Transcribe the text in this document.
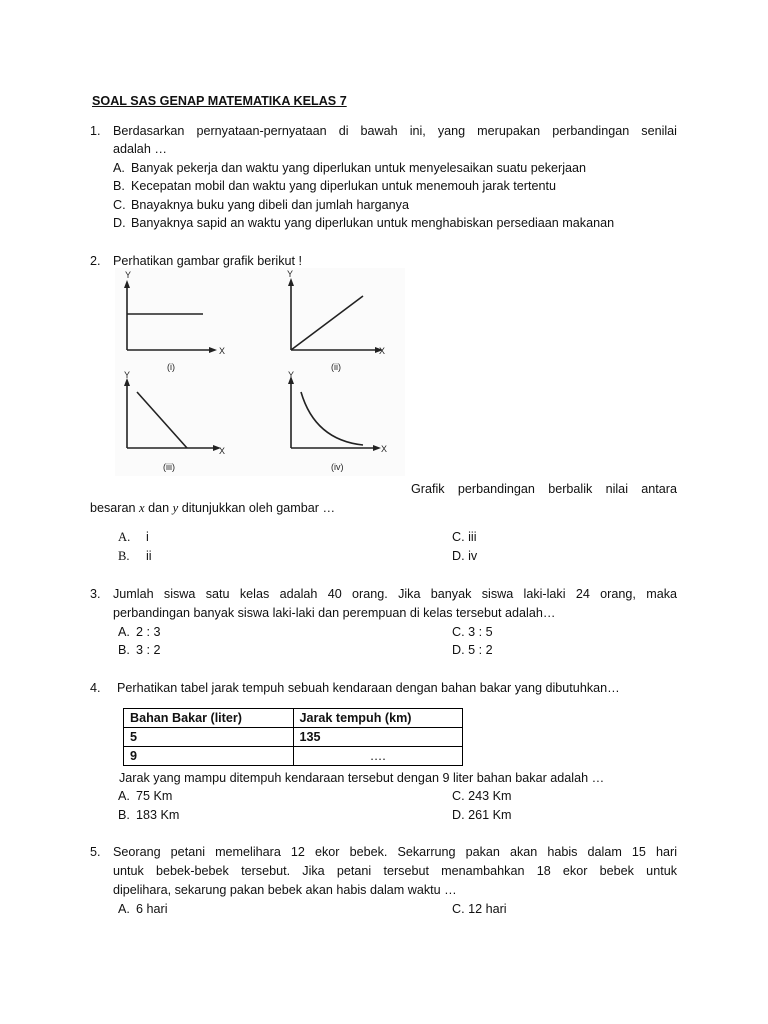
SOAL SAS GENAP MATEMATIKA KELAS 7
1. Berdasarkan pernyataan-pernyataan di bawah ini, yang merupakan perbandingan senilai
adalah …
A. Banyak pekerja dan waktu yang diperlukan untuk menyelesaikan suatu pekerjaan
B. Kecepatan mobil dan waktu yang diperlukan untuk menemouh jarak tertentu
C. Bnayaknya buku yang dibeli dan jumlah harganya
D. Banyaknya sapid an waktu yang diperlukan untuk menghabiskan persediaan makanan
2. Perhatikan gambar grafik berikut !
Y
X
Y
X
Y
X
Y
X
(i)	(ii)
(iii)	(iv)
Grafik perbandingan berbalik nilai antara
besaran x dan y ditunjukkan oleh gambar …
A. i
B. ii
C. iii
D. iv
3. Jumlah siswa satu kelas adalah 40 orang. Jika banyak siswa laki-laki 24 orang, maka
perbandingan banyak siswa laki-laki dan perempuan di kelas tersebut adalah…
A. 2 : 3
B. 3 : 2
C. 3 : 5
D. 5 : 2
4. Perhatikan tabel jarak tempuh sebuah kendaraan dengan bahan bakar yang dibutuhkan…
Bahan Bakar (liter)	Jarak tempuh (km)
5	135
9	….
Jarak yang mampu ditempuh kendaraan tersebut dengan 9 liter bahan bakar adalah …
A. 75 Km
B. 183 Km
C. 243 Km
D. 261 Km
5. Seorang petani memelihara 12 ekor bebek. Sekarrung pakan akan habis dalam 15 hari
untuk bebek-bebek tersebut. Jika petani tersebut menambahkan 18 ekor bebek untuk
dipelihara, sekarung pakan bebek akan habis dalam waktu …
A. 6 hari	C. 12 hari
